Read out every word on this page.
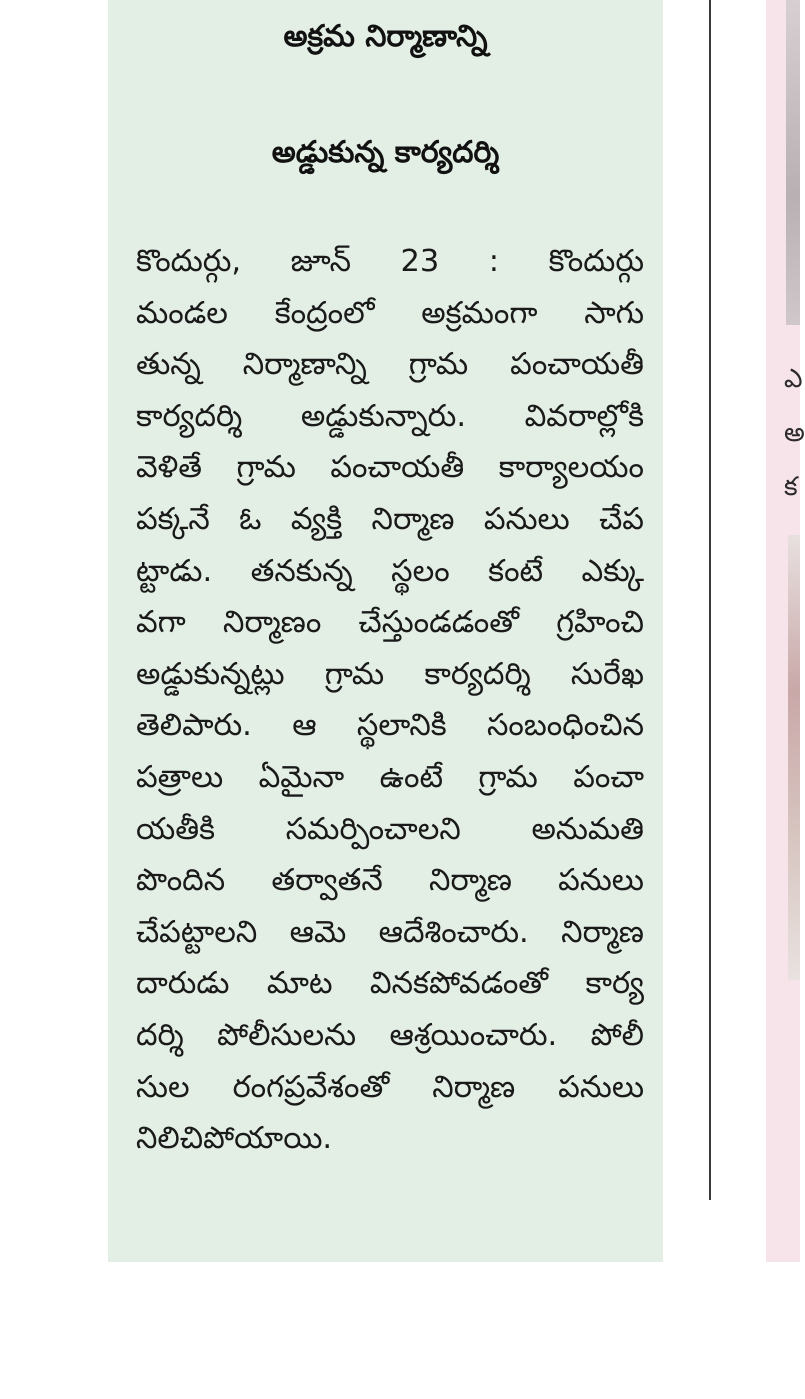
అక్రమ నిర్మాణాన్ని
అడ్డుకున్న కార్యదర్శి
కొందుర్గు, జూన్ 23 : కొందుర్గు
మండల కేంద్రంలో అక్రమంగా సాగు
తున్న నిర్మాణాన్ని గ్రామ పంచాయతీ
కార్యదర్శి అడ్డుకున్నారు. వివరాల్లోకి
వెళితే గ్రామ పంచాయతీ కార్యాలయం
పక్కనే ఓ వ్యక్తి నిర్మాణ పనులు చేప
ట్టాడు. తనకున్న స్థలం కంటే ఎక్కు
వగా నిర్మాణం చేస్తుండడంతో గ్రహించి
అడ్డుకున్నట్లు గ్రామ కార్యదర్శి సురేఖ
తెలిపారు. ఆ స్థలానికి సంబంధించిన
పత్రాలు ఏమైనా ఉంటే గ్రామ పంచా
యతీకి సమర్పించాలని అనుమతి
పొందిన తర్వాతనే నిర్మాణ పనులు
చేపట్టాలని ఆమె ఆదేశించారు. నిర్మాణ
దారుడు మాట వినకపోవడంతో కార్య
దర్శి పోలీసులను ఆశ్రయించారు. పోలీ
సుల రంగప్రవేశంతో నిర్మాణ పనులు
నిలిచిపోయాయి.
ఎ
అ
క
